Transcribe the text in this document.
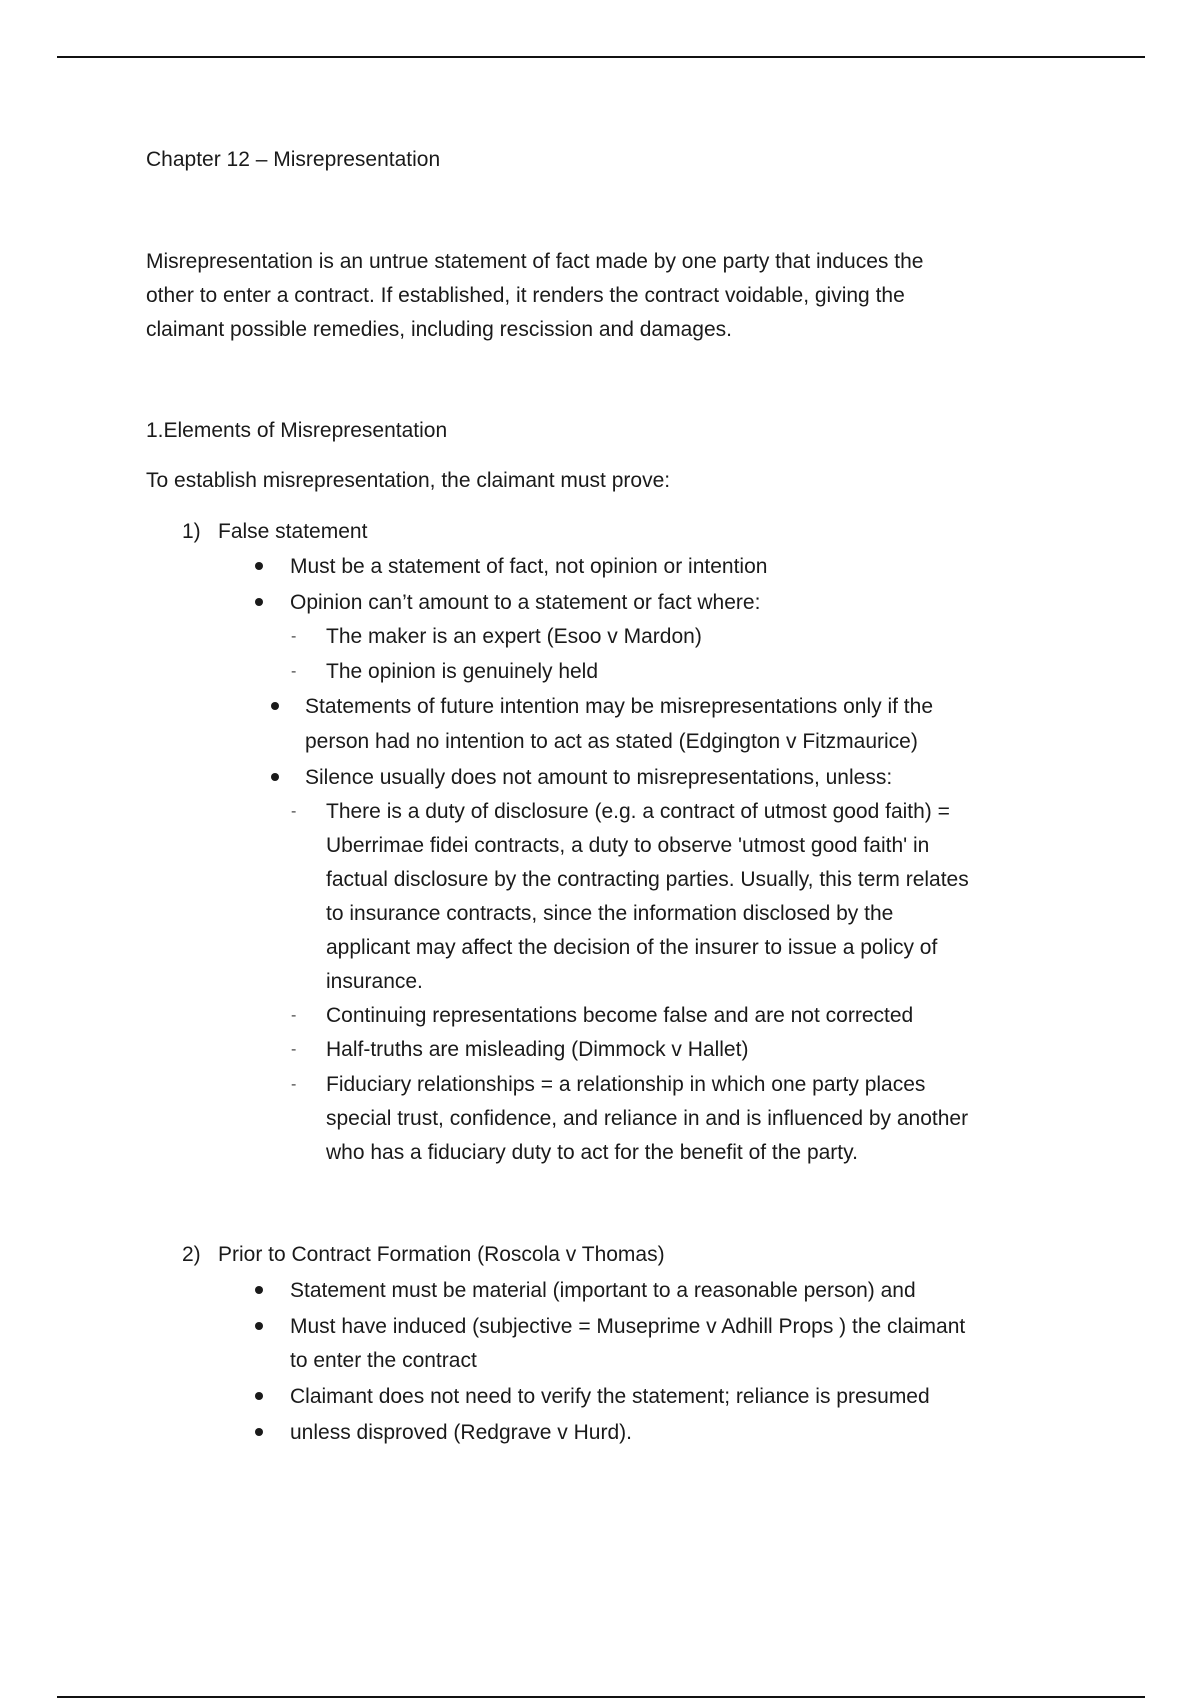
Chapter 12 – Misrepresentation
Misrepresentation is an untrue statement of fact made by one party that induces the
other to enter a contract. If established, it renders the contract voidable, giving the
claimant possible remedies, including rescission and damages.
1.Elements of Misrepresentation
To establish misrepresentation, the claimant must prove:
1) False statement
Must be a statement of fact, not opinion or intention
Opinion can’t amount to a statement or fact where:
- The maker is an expert (Esoo v Mardon)
- The opinion is genuinely held
Statements of future intention may be misrepresentations only if the
person had no intention to act as stated (Edgington v Fitzmaurice)
Silence usually does not amount to misrepresentations, unless:
- There is a duty of disclosure (e.g. a contract of utmost good faith) =
Uberrimae fidei contracts, a duty to observe 'utmost good faith' in
factual disclosure by the contracting parties. Usually, this term relates
to insurance contracts, since the information disclosed by the
applicant may affect the decision of the insurer to issue a policy of
insurance.
- Continuing representations become false and are not corrected
- Half-truths are misleading (Dimmock v Hallet)
- Fiduciary relationships = a relationship in which one party places
special trust, confidence, and reliance in and is influenced by another
who has a fiduciary duty to act for the benefit of the party.
2) Prior to Contract Formation (Roscola v Thomas)
Statement must be material (important to a reasonable person) and
Must have induced (subjective = Museprime v Adhill Props ) the claimant
to enter the contract
Claimant does not need to verify the statement; reliance is presumed
unless disproved (Redgrave v Hurd).
